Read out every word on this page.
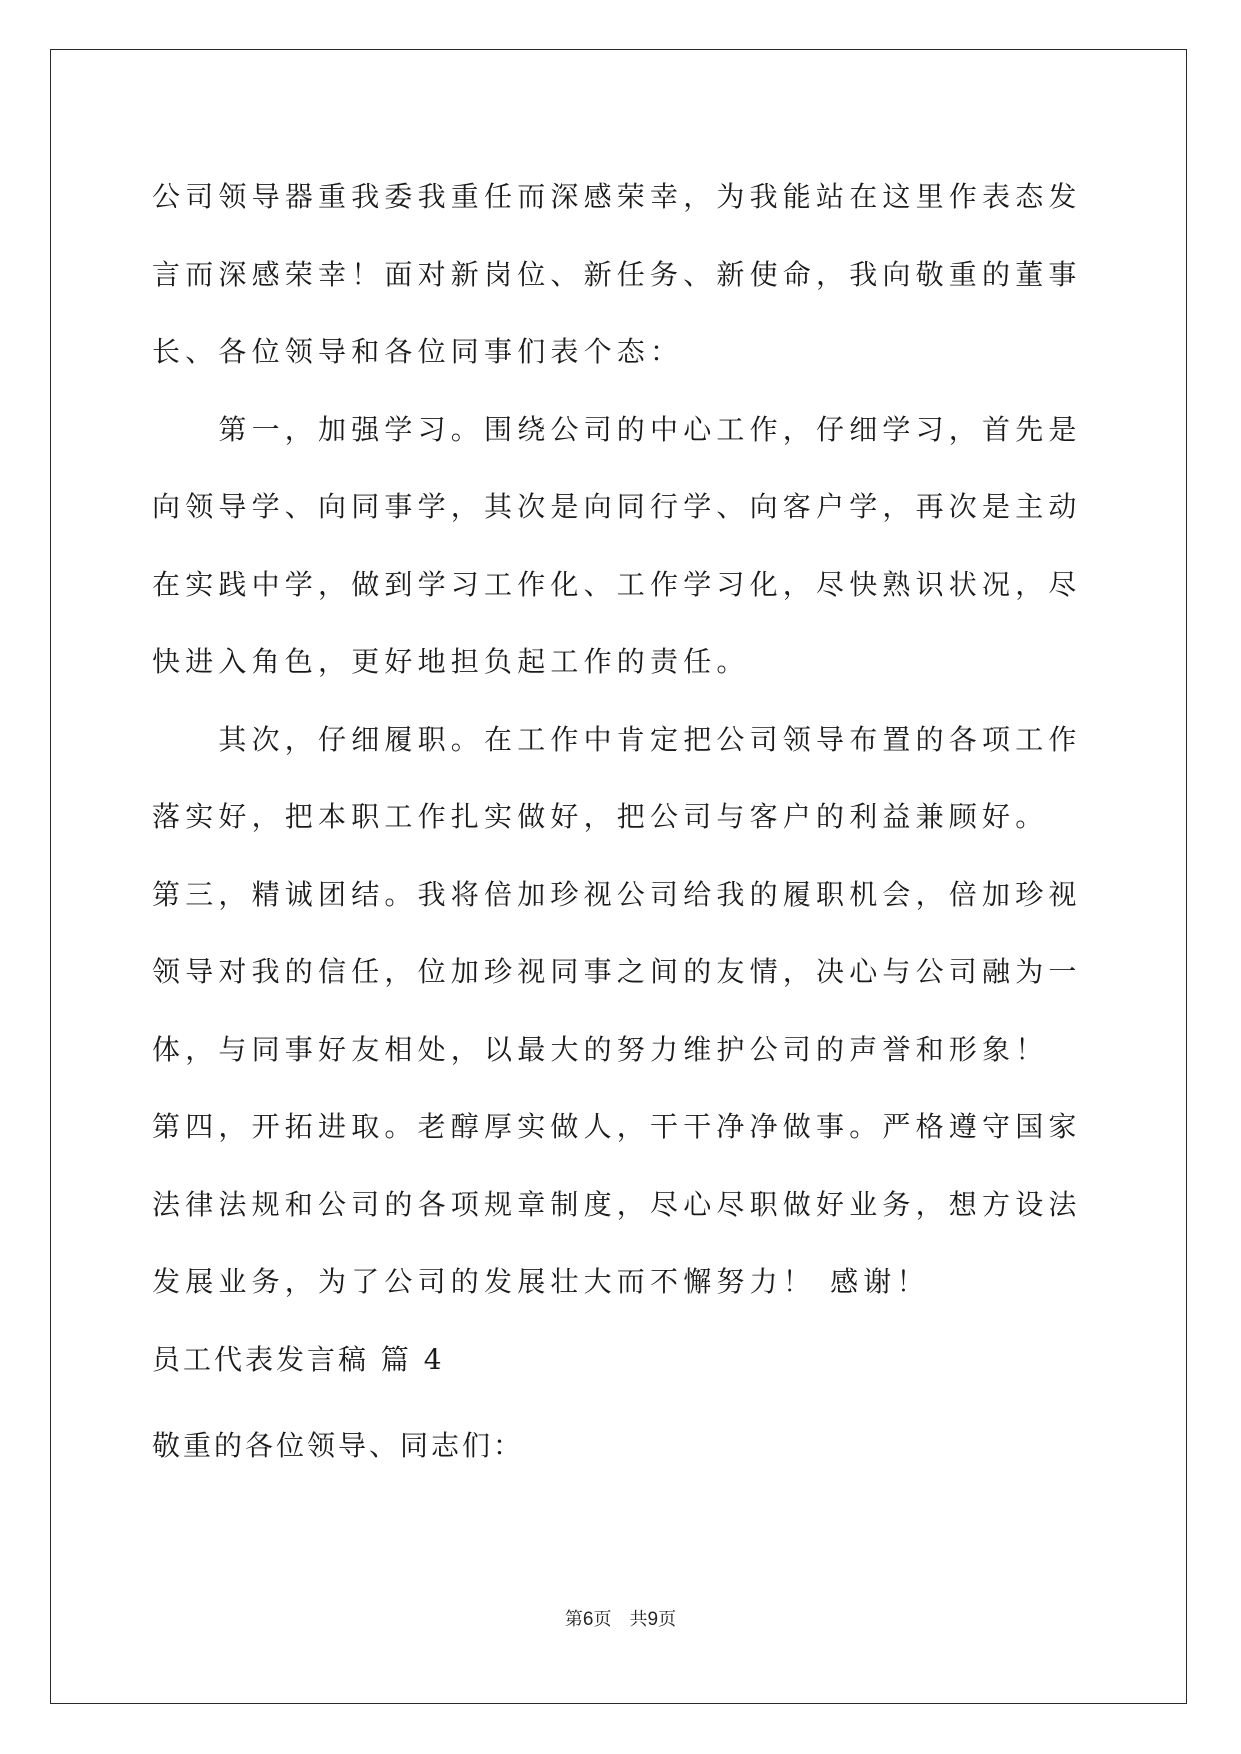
公司领导器重我委我重任而深感荣幸，为我能站在这里作表态发言而深感荣幸！面对新岗位、新任务、新使命，我向敬重的董事长、各位领导和各位同事们表个态：

　　第一，加强学习。围绕公司的中心工作，仔细学习，首先是向领导学、向同事学，其次是向同行学、向客户学，再次是主动在实践中学，做到学习工作化、工作学习化，尽快熟识状况，尽快进入角色，更好地担负起工作的责任。

　　其次，仔细履职。在工作中肯定把公司领导布置的各项工作落实好，把本职工作扎实做好，把公司与客户的利益兼顾好。 第三，精诚团结。我将倍加珍视公司给我的履职机会，倍加珍视领导对我的信任，位加珍视同事之间的友情，决心与公司融为一体，与同事好友相处，以最大的努力维护公司的声誉和形象！ 第四，开拓进取。老醇厚实做人，干干净净做事。严格遵守国家法律法规和公司的各项规章制度，尽心尽职做好业务，想方设法发展业务，为了公司的发展壮大而不懈努力！ 感谢！

员工代表发言稿 篇 4

敬重的各位领导、同志们：

第6页　共9页
